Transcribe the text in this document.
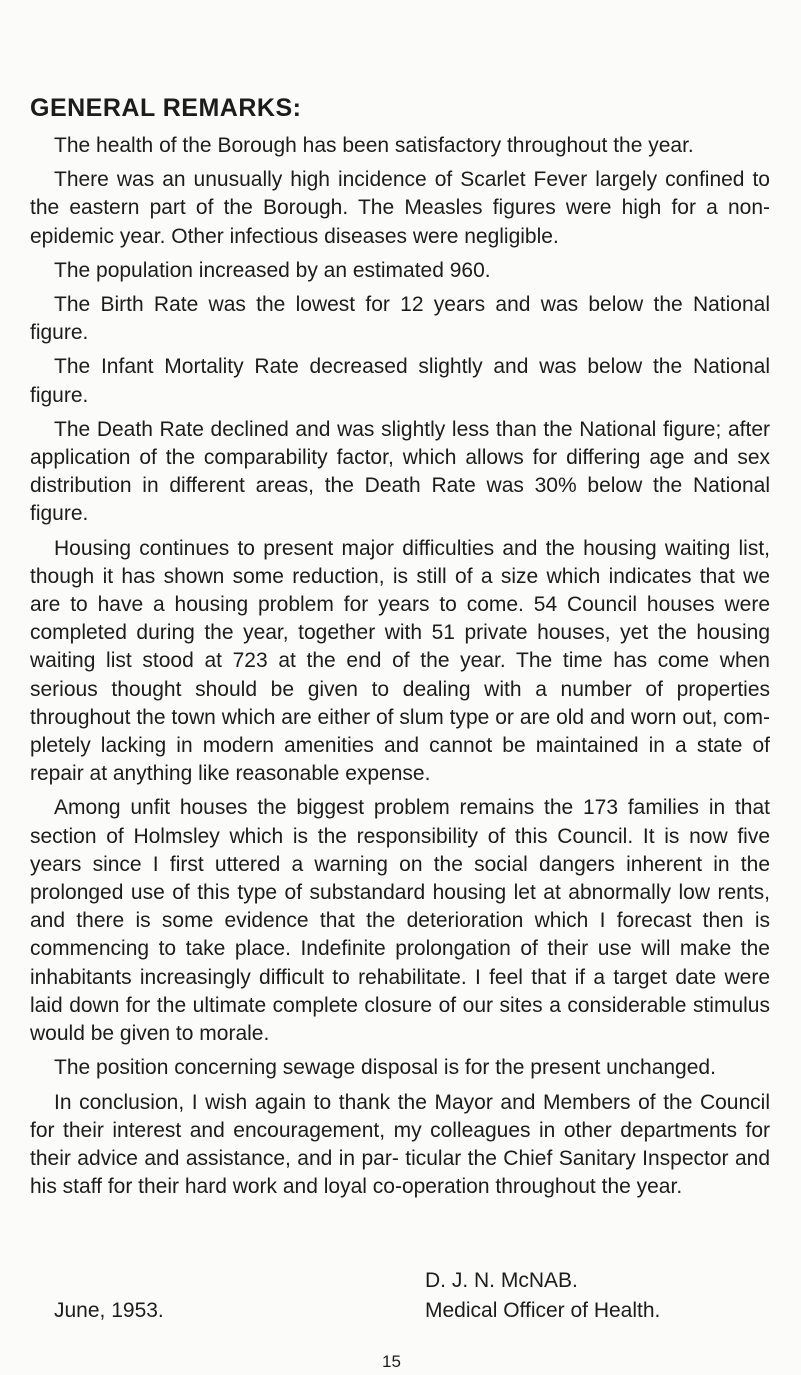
GENERAL REMARKS:

The health of the Borough has been satisfactory throughout the year.

There was an unusually high incidence of Scarlet Fever largely confined to the eastern part of the Borough. The Measles figures were high for a non-epidemic year. Other infectious diseases were negligible.

The population increased by an estimated 960.

The Birth Rate was the lowest for 12 years and was below the National figure.

The Infant Mortality Rate decreased slightly and was below the National figure.

The Death Rate declined and was slightly less than the National figure; after application of the comparability factor, which allows for differing age and sex distribution in different areas, the Death Rate was 30% below the National figure.

Housing continues to present major difficulties and the housing waiting list, though it has shown some reduction, is still of a size which indicates that we are to have a housing problem for years to come. 54 Council houses were completed during the year, together with 51 private houses, yet the housing waiting list stood at 723 at the end of the year. The time has come when serious thought should be given to dealing with a number of properties throughout the town which are either of slum type or are old and worn out, com- pletely lacking in modern amenities and cannot be maintained in a state of repair at anything like reasonable expense.

Among unfit houses the biggest problem remains the 173 families in that section of Holmsley which is the responsibility of this Council. It is now five years since I first uttered a warning on the social dangers inherent in the prolonged use of this type of substandard housing let at abnormally low rents, and there is some evidence that the deterioration which I forecast then is commencing to take place. Indefinite prolongation of their use will make the inhabitants increasingly difficult to rehabilitate. I feel that if a target date were laid down for the ultimate complete closure of our sites a considerable stimulus would be given to morale.

The position concerning sewage disposal is for the present unchanged.

In conclusion, I wish again to thank the Mayor and Members of the Council for their interest and encouragement, my colleagues in other departments for their advice and assistance, and in par- ticular the Chief Sanitary Inspector and his staff for their hard work and loyal co-operation throughout the year.

D. J. N. McNAB.
June, 1953.	Medical Officer of Health.
15
